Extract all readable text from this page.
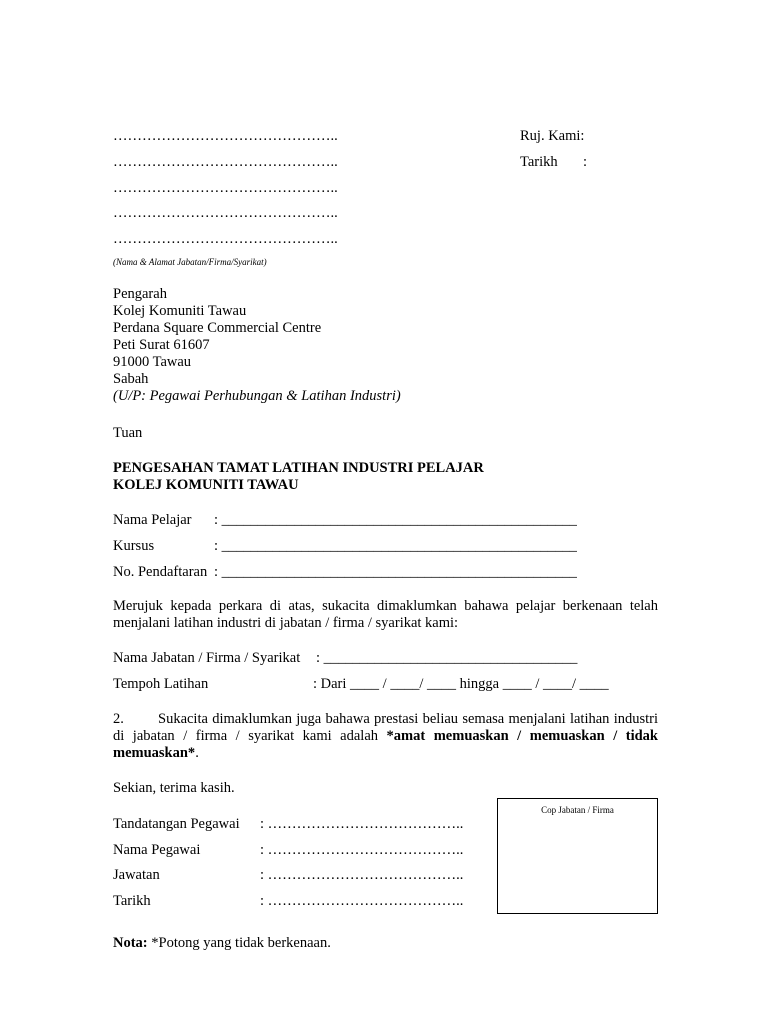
………………………………………..
………………………………………..
………………………………………..
………………………………………..
………………………………………..
(Nama & Alamat Jabatan/Firma/Syarikat)
Ruj. Kami:
Tarikh :
Pengarah
Kolej Komuniti Tawau
Perdana Square Commercial Centre
Peti Surat 61607
91000 Tawau
Sabah
(U/P: Pegawai Perhubungan & Latihan Industri)
Tuan
PENGESAHAN TAMAT LATIHAN INDUSTRI PELAJAR
KOLEJ KOMUNITI TAWAU
Nama Pelajar : _________________________________________________
Kursus	: _________________________________________________
No. Pendaftaran : _________________________________________________
Merujuk kepada perkara di atas, sukacita dimaklumkan bahawa pelajar berkenaan telah menjalani latihan industri di jabatan / firma / syarikat kami:
Nama Jabatan / Firma / Syarikat : ___________________________________
Tempoh Latihan	: Dari ____ / ____/ ____ hingga ____ / ____/ ____
2. Sukacita dimaklumkan juga bahawa prestasi beliau semasa menjalani latihan industri di jabatan / firma / syarikat kami adalah *amat memuaskan / memuaskan / tidak memuaskan*.
Sekian, terima kasih.
Tandatangan Pegawai : …………………………………..
Nama Pegawai	: …………………………………..
Jawatan	: …………………………………..
Tarikh	: …………………………………..
Cop Jabatan / Firma
Nota: *Potong yang tidak berkenaan.
